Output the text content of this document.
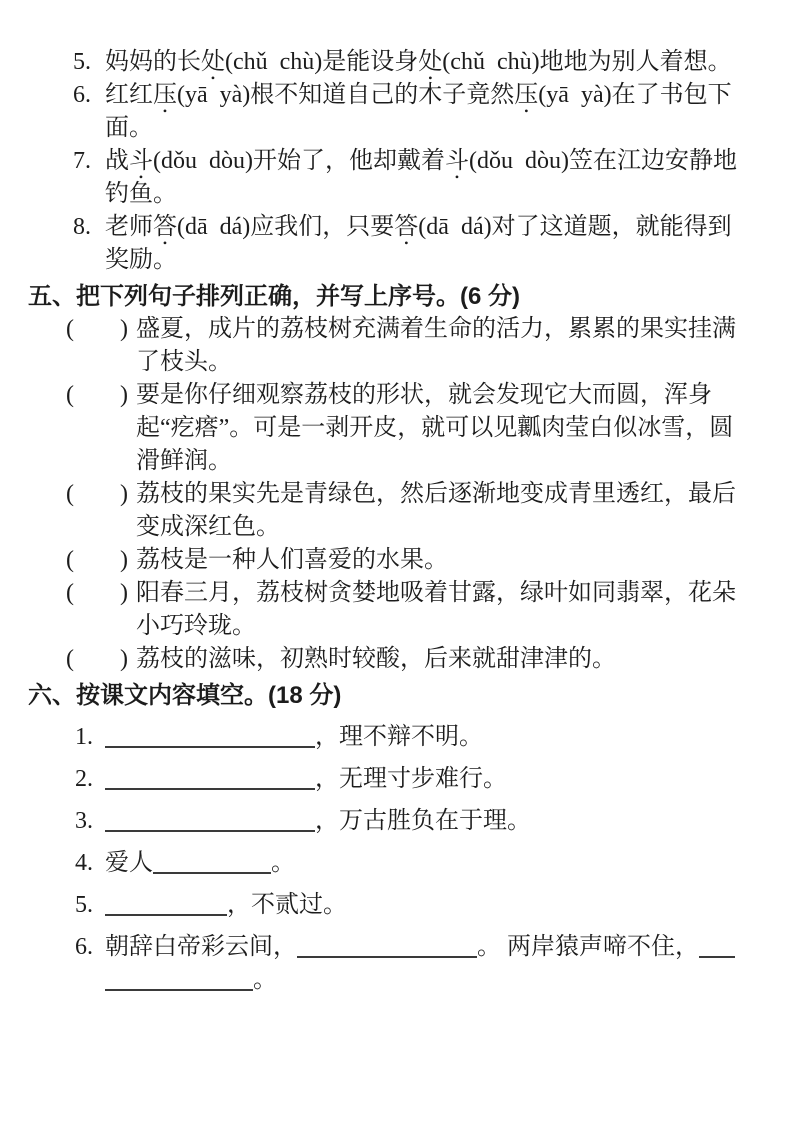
5. 妈妈的长处(chǔ  chù)是能设身处(chǔ  chù)地地为别人着想。
6. 红红压(yā  yà)根不知道自己的木子竟然压(yā  yà)在了书包下面。
7. 战斗(dǒu  dòu)开始了，他却戴着斗(dǒu  dòu)笠在江边安静地钓鱼。
8. 老师答(dā  dá)应我们，只要答(dā  dá)对了这道题，就能得到奖励。
五、把下列句子排列正确，并写上序号。(6 分)
( ) 盛夏，成片的荔枝树充满着生命的活力，累累的果实挂满了枝头。
( ) 要是你仔细观察荔枝的形状，就会发现它大而圆，浑身起“疙瘩”。可是一剥开皮，就可以见瓤肉莹白似冰雪，圆滑鲜润。
( ) 荔枝的果实先是青绿色，然后逐渐地变成青里透红，最后变成深红色。
( ) 荔枝是一种人们喜爱的水果。
( ) 阳春三月，荔枝树贪婪地吸着甘露，绿叶如同翡翠，花朵小巧玲珑。
( ) 荔枝的滋味，初熟时较酸，后来就甜津津的。
六、按课文内容填空。(18 分)
1.	，理不辩不明。
2.	，无理寸步难行。
3.	，万古胜负在于理。
4. 爱人	。
5.	，不贰过。
6. 朝辞白帝彩云间，	。 两岸猿声啼不住，
。
